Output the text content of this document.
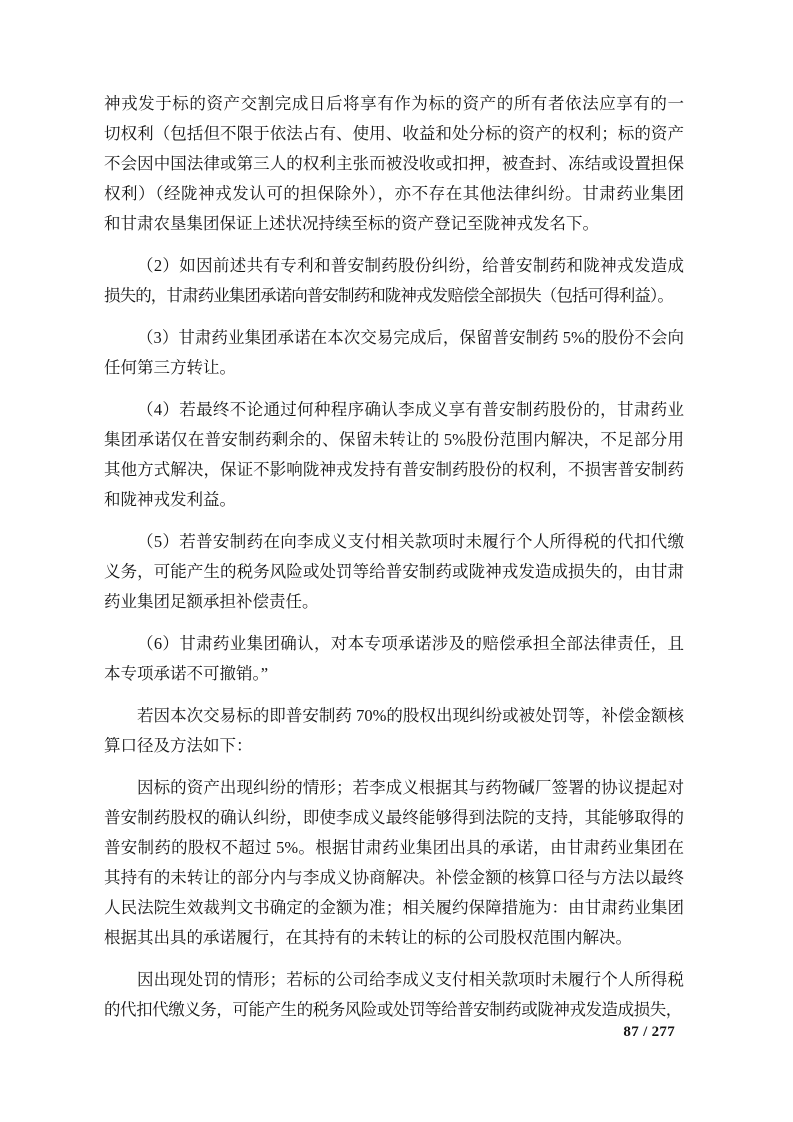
神戎发于标的资产交割完成日后将享有作为标的资产的所有者依法应享有的一
切权利（包括但不限于依法占有、使用、收益和处分标的资产的权利；标的资产
不会因中国法律或第三人的权利主张而被没收或扣押，被查封、冻结或设置担保
权利）（经陇神戎发认可的担保除外），亦不存在其他法律纠纷。甘肃药业集团
和甘肃农垦集团保证上述状况持续至标的资产登记至陇神戎发名下。
（2）如因前述共有专利和普安制药股份纠纷，给普安制药和陇神戎发造成
损失的，甘肃药业集团承诺向普安制药和陇神戎发赔偿全部损失（包括可得利益）。
（3）甘肃药业集团承诺在本次交易完成后，保留普安制药 5%的股份不会向
任何第三方转让。
（4）若最终不论通过何种程序确认李成义享有普安制药股份的，甘肃药业
集团承诺仅在普安制药剩余的、保留未转让的 5%股份范围内解决，不足部分用
其他方式解决，保证不影响陇神戎发持有普安制药股份的权利，不损害普安制药
和陇神戎发利益。
（5）若普安制药在向李成义支付相关款项时未履行个人所得税的代扣代缴
义务，可能产生的税务风险或处罚等给普安制药或陇神戎发造成损失的，由甘肃
药业集团足额承担补偿责任。
（6）甘肃药业集团确认，对本专项承诺涉及的赔偿承担全部法律责任，且
本专项承诺不可撤销。”
若因本次交易标的即普安制药 70%的股权出现纠纷或被处罚等，补偿金额核
算口径及方法如下：
因标的资产出现纠纷的情形；若李成义根据其与药物碱厂签署的协议提起对
普安制药股权的确认纠纷，即使李成义最终能够得到法院的支持，其能够取得的
普安制药的股权不超过 5%。根据甘肃药业集团出具的承诺，由甘肃药业集团在
其持有的未转让的部分内与李成义协商解决。补偿金额的核算口径与方法以最终
人民法院生效裁判文书确定的金额为准；相关履约保障措施为：由甘肃药业集团
根据其出具的承诺履行，在其持有的未转让的标的公司股权范围内解决。
因出现处罚的情形；若标的公司给李成义支付相关款项时未履行个人所得税
的代扣代缴义务，可能产生的税务风险或处罚等给普安制药或陇神戎发造成损失，
87 / 277
